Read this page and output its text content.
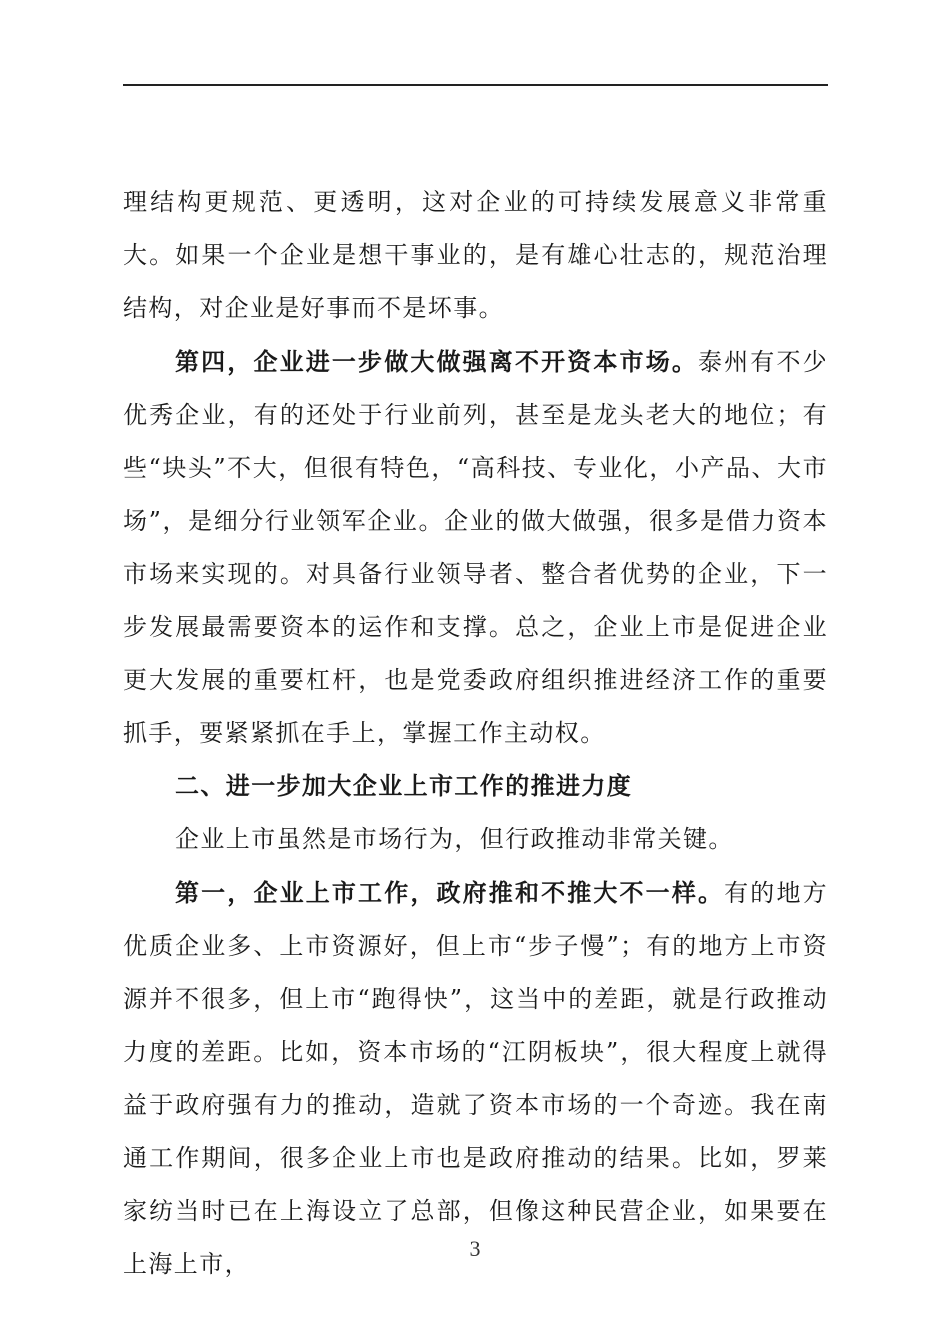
理结构更规范、更透明，这对企业的可持续发展意义非常重大。如果一个企业是想干事业的，是有雄心壮志的，规范治理结构，对企业是好事而不是坏事。

第四，企业进一步做大做强离不开资本市场。泰州有不少优秀企业，有的还处于行业前列，甚至是龙头老大的地位；有些“块头”不大，但很有特色，“高科技、专业化，小产品、大市场”，是细分行业领军企业。企业的做大做强，很多是借力资本市场来实现的。对具备行业领导者、整合者优势的企业，下一步发展最需要资本的运作和支撑。总之，企业上市是促进企业更大发展的重要杠杆，也是党委政府组织推进经济工作的重要抓手，要紧紧抓在手上，掌握工作主动权。

二、进一步加大企业上市工作的推进力度

企业上市虽然是市场行为，但行政推动非常关键。

第一，企业上市工作，政府推和不推大不一样。有的地方优质企业多、上市资源好，但上市“步子慢”；有的地方上市资源并不很多，但上市“跑得快”，这当中的差距，就是行政推动力度的差距。比如，资本市场的“江阴板块”，很大程度上就得益于政府强有力的推动，造就了资本市场的一个奇迹。我在南通工作期间，很多企业上市也是政府推动的结果。比如，罗莱家纺当时已在上海设立了总部，但像这种民营企业，如果要在上海上市，

3
